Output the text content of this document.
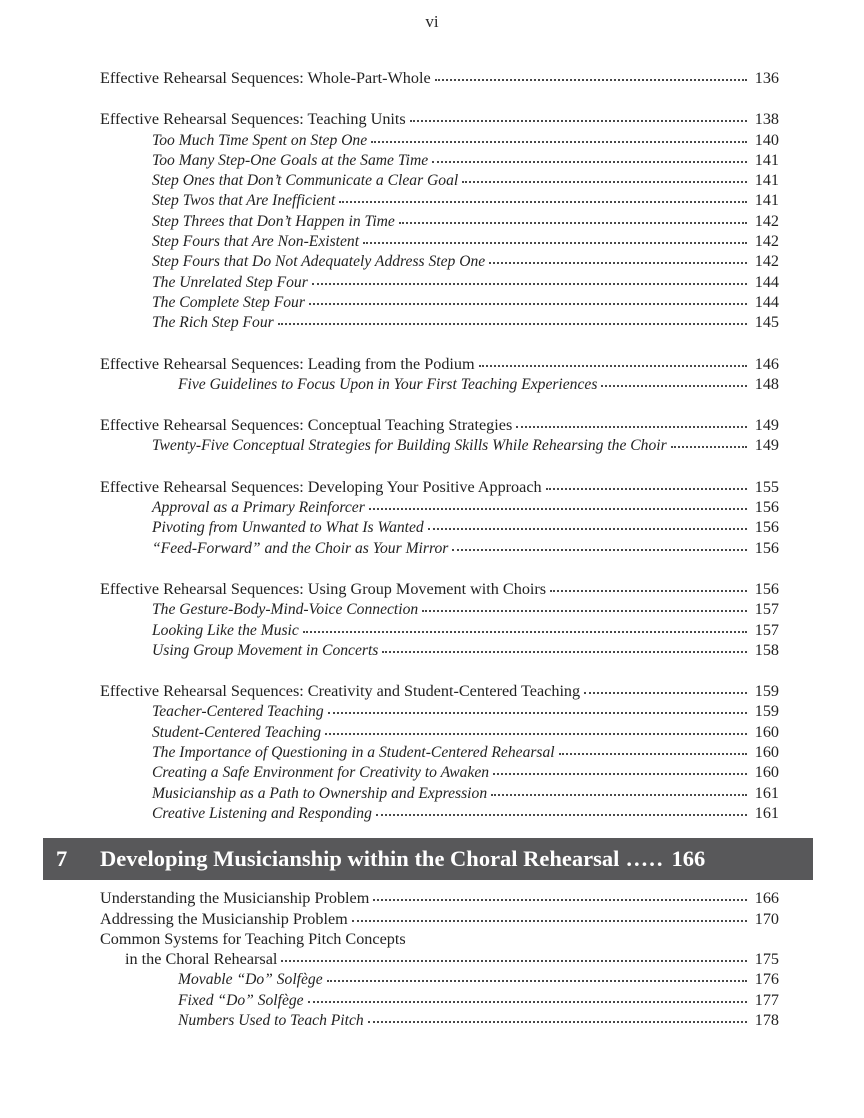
vi
Effective Rehearsal Sequences: Whole-Part-Whole	136
Effective Rehearsal Sequences: Teaching Units	138
Too Much Time Spent on Step One	140
Too Many Step-One Goals at the Same Time	141
Step Ones that Don’t Communicate a Clear Goal	141
Step Twos that Are Inefficient	141
Step Threes that Don’t Happen in Time	142
Step Fours that Are Non-Existent	142
Step Fours that Do Not Adequately Address Step One	142
The Unrelated Step Four	144
The Complete Step Four	144
The Rich Step Four	145
Effective Rehearsal Sequences: Leading from the Podium	146
Five Guidelines to Focus Upon in Your First Teaching Experiences	148
Effective Rehearsal Sequences: Conceptual Teaching Strategies	149
Twenty-Five Conceptual Strategies for Building Skills While Rehearsing the Choir	149
Effective Rehearsal Sequences: Developing Your Positive Approach	155
Approval as a Primary Reinforcer	156
Pivoting from Unwanted to What Is Wanted	156
“Feed-Forward” and the Choir as Your Mirror	156
Effective Rehearsal Sequences: Using Group Movement with Choirs	156
The Gesture-Body-Mind-Voice Connection	157
Looking Like the Music	157
Using Group Movement in Concerts	158
Effective Rehearsal Sequences: Creativity and Student-Centered Teaching	159
Teacher-Centered Teaching	159
Student-Centered Teaching	160
The Importance of Questioning in a Student-Centered Rehearsal	160
Creating a Safe Environment for Creativity to Awaken	160
Musicianship as a Path to Ownership and Expression	161
Creative Listening and Responding	161
7	Developing Musicianship within the Choral Rehearsal ..... 166
Understanding the Musicianship Problem	166
Addressing the Musicianship Problem	170
Common Systems for Teaching Pitch Concepts
in the Choral Rehearsal	175
Movable “Do” Solfège	176
Fixed “Do” Solfège	177
Numbers Used to Teach Pitch	178
